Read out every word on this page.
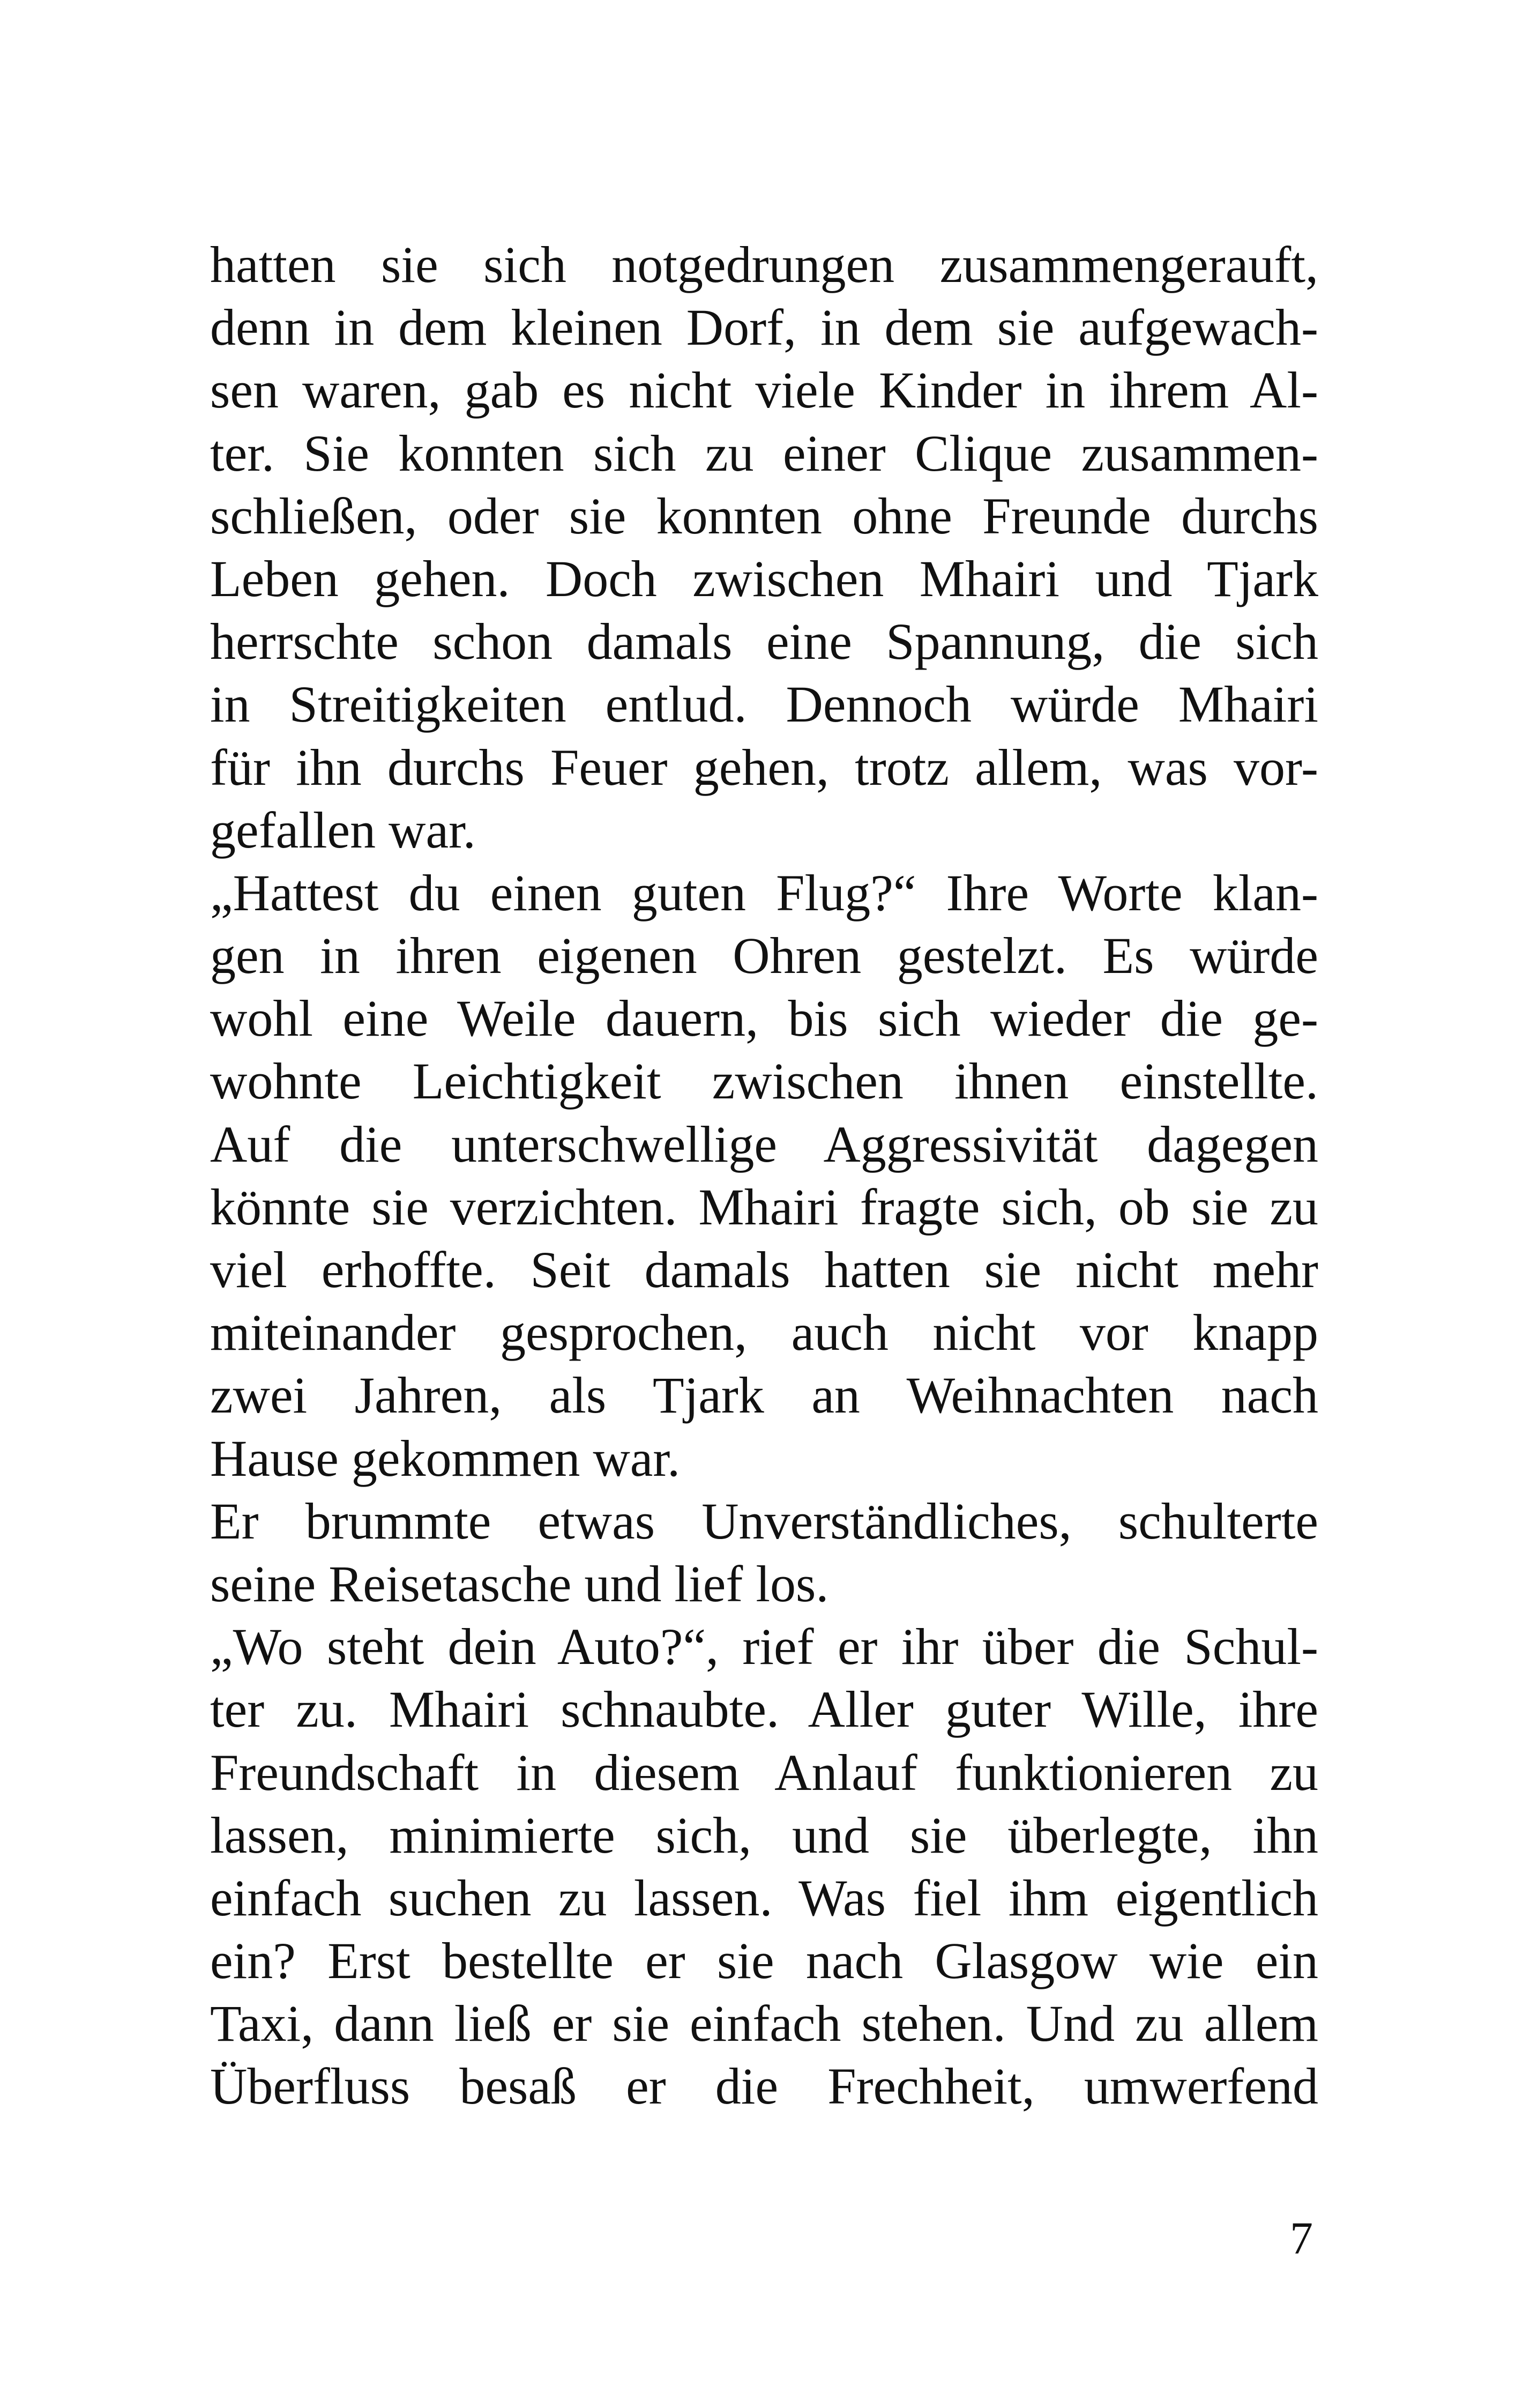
hatten sie sich notgedrungen zusammengerauft,
denn in dem kleinen Dorf, in dem sie aufgewach-
sen waren, gab es nicht viele Kinder in ihrem Al-
ter. Sie konnten sich zu einer Clique zusammen-
schließen, oder sie konnten ohne Freunde durchs
Leben gehen. Doch zwischen Mhairi und Tjark
herrschte schon damals eine Spannung, die sich
in Streitigkeiten entlud. Dennoch würde Mhairi
für ihn durchs Feuer gehen, trotz allem, was vor-
gefallen war.
„Hattest du einen guten Flug?“ Ihre Worte klan-
gen in ihren eigenen Ohren gestelzt. Es würde
wohl eine Weile dauern, bis sich wieder die ge-
wohnte Leichtigkeit zwischen ihnen einstellte.
Auf die unterschwellige Aggressivität dagegen
könnte sie verzichten. Mhairi fragte sich, ob sie zu
viel erhoffte. Seit damals hatten sie nicht mehr
miteinander gesprochen, auch nicht vor knapp
zwei Jahren, als Tjark an Weihnachten nach
Hause gekommen war.
Er brummte etwas Unverständliches, schulterte
seine Reisetasche und lief los.
„Wo steht dein Auto?“, rief er ihr über die Schul-
ter zu. Mhairi schnaubte. Aller guter Wille, ihre
Freundschaft in diesem Anlauf funktionieren zu
lassen, minimierte sich, und sie überlegte, ihn
einfach suchen zu lassen. Was fiel ihm eigentlich
ein? Erst bestellte er sie nach Glasgow wie ein
Taxi, dann ließ er sie einfach stehen. Und zu allem
Überfluss besaß er die Frechheit, umwerfend
7
